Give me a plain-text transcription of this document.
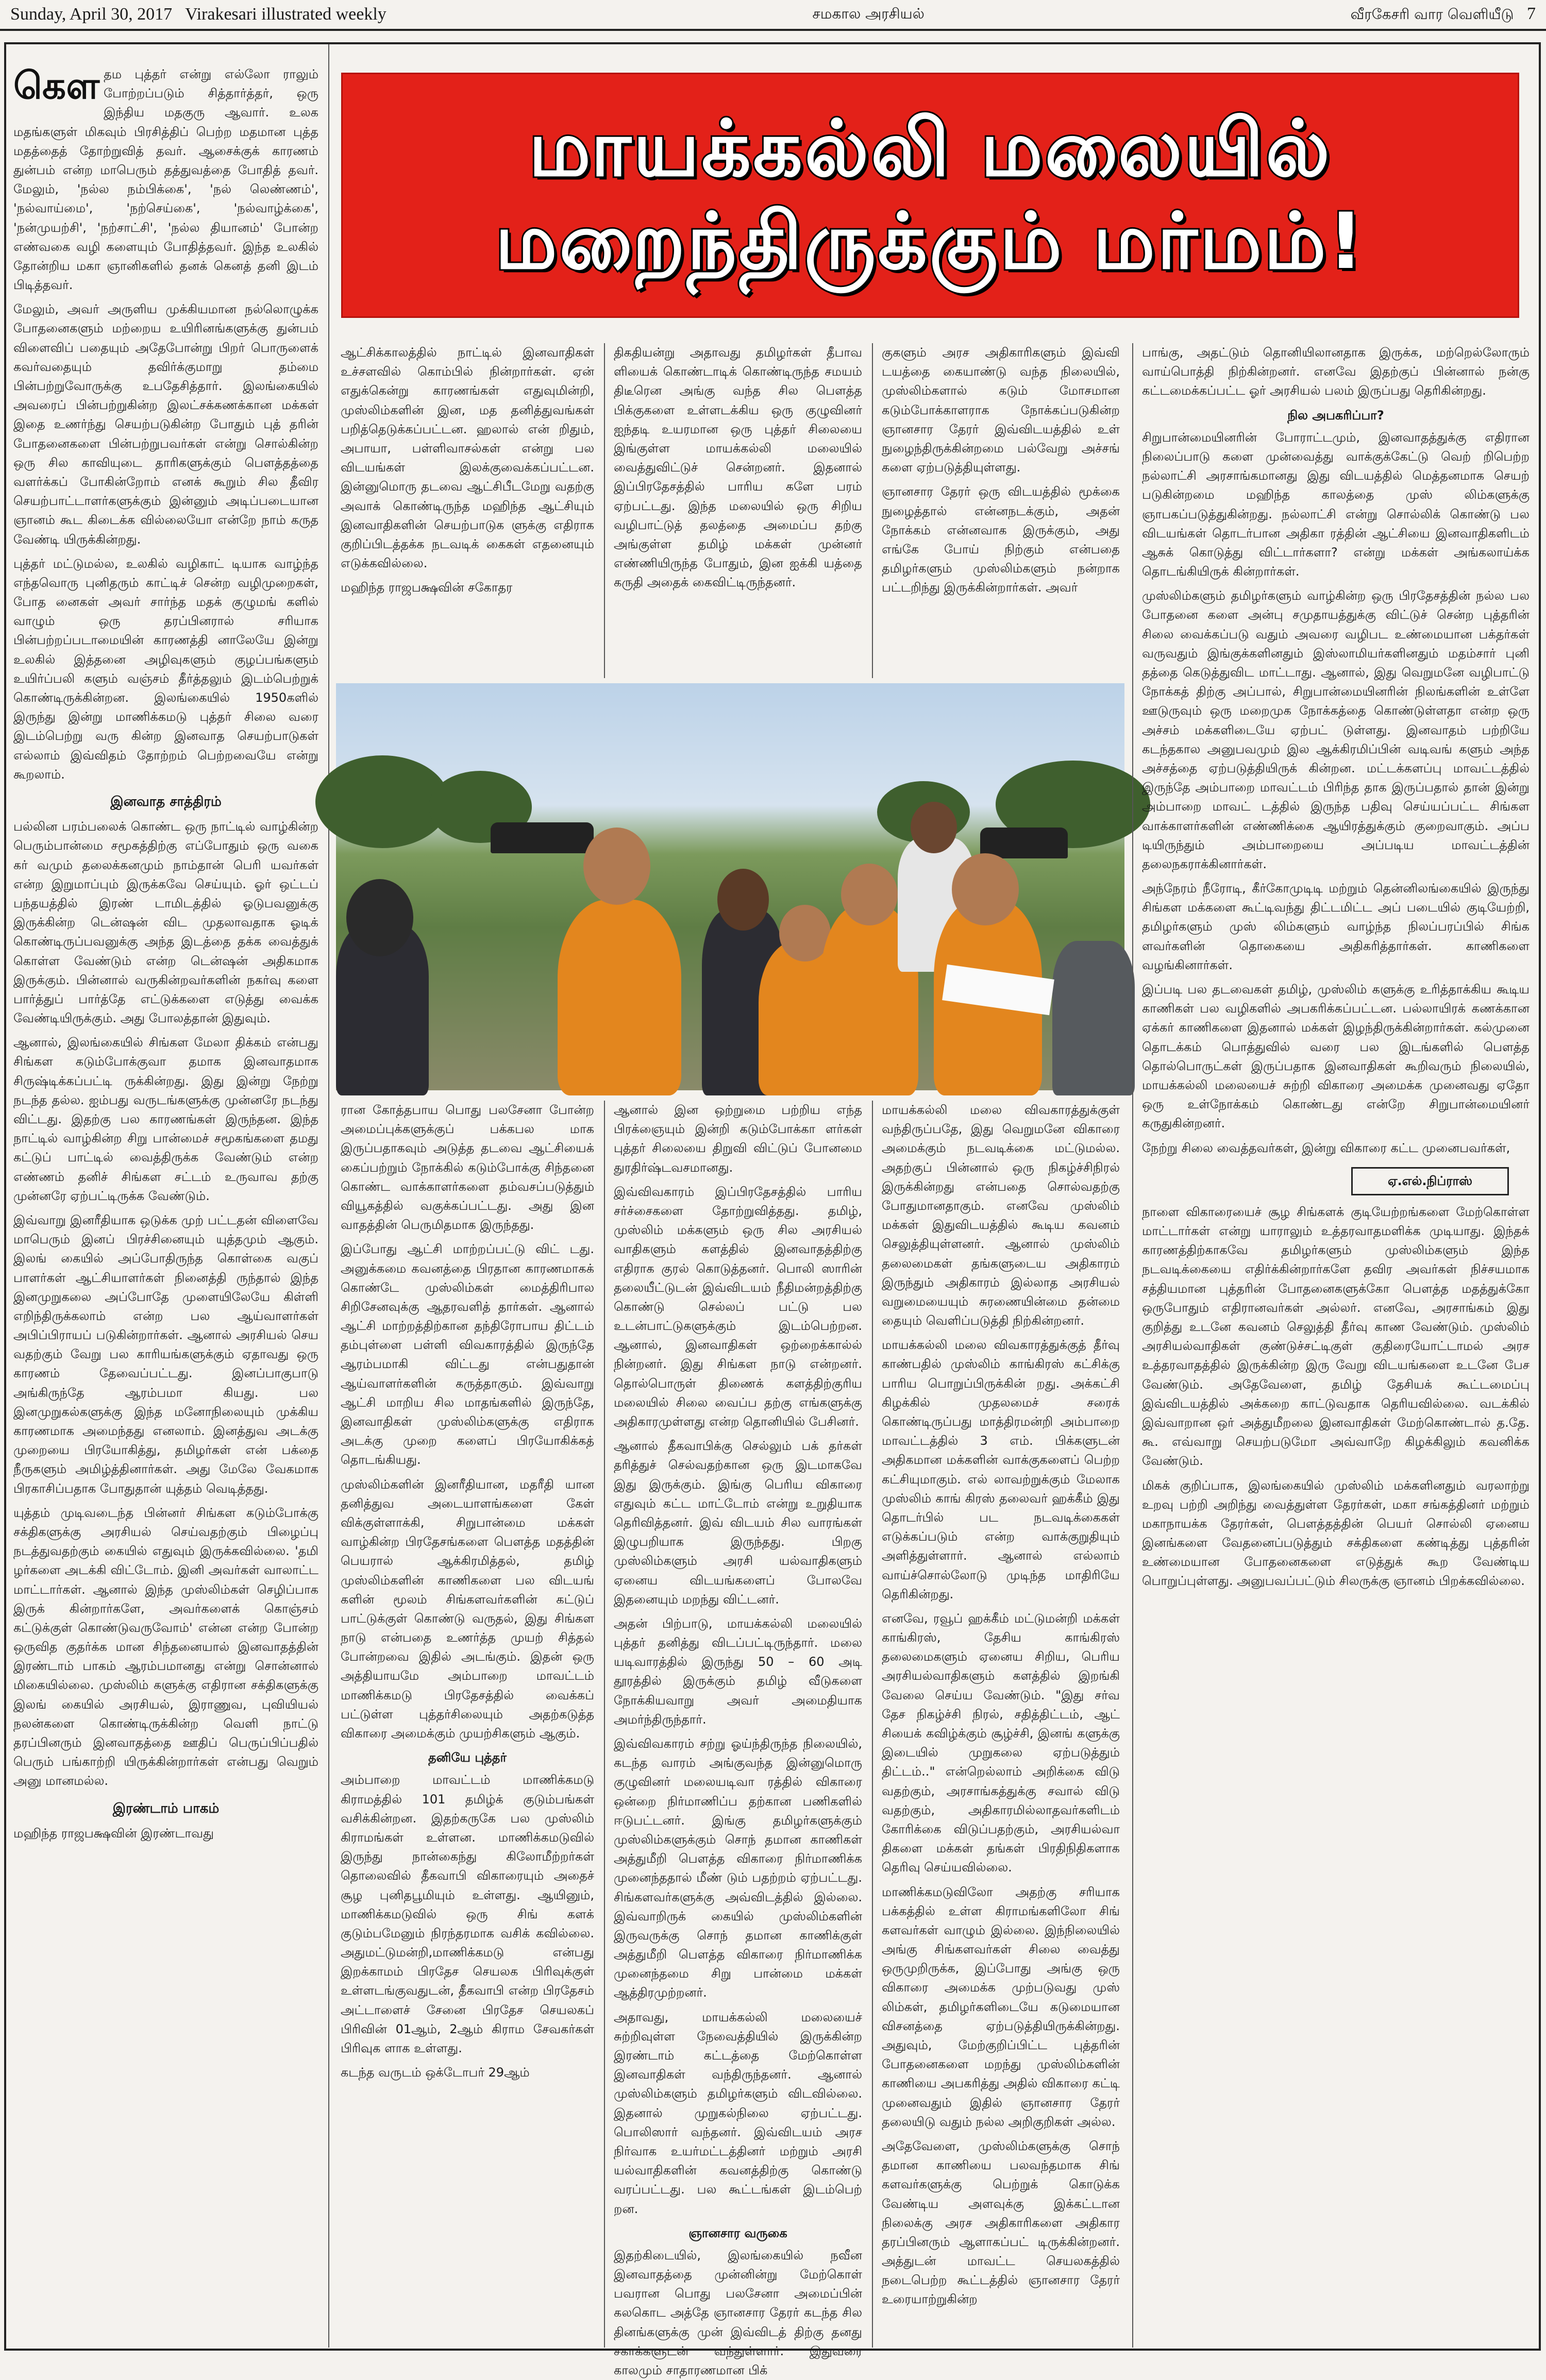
Sunday, April 30, 2017 Virakesari illustrated weekly	சமகால அரசியல்	வீரகேசரி வார வெளியீடு 7

கௌதம புத்தர் என்று எல்லோ ராலும் போற்றப்படும் சித்தார்த்தர், ஒரு இந்திய மதகுரு ஆவார். உலக மதங்களுள் மிகவும் பிரசித்திப் பெற்ற மதமான புத்த மதத்தைத் தோற்றுவித் தவர். ஆசைக்குக் காரணம் துன்பம் என்ற மாபெரும் தத்துவத்தை போதித் தவர். மேலும், 'நல்ல நம்பிக்கை', 'நல் லெண்ணம்', 'நல்வாய்மை', 'நற்செய்கை', 'நல்வாழ்க்கை', 'நன்முயற்சி', 'நற்சாட்சி', 'நல்ல தியானம்' போன்ற எண்வகை வழி களையும் போதித்தவர். இந்த உலகில் தோன்றிய மகா ஞானிகளில் தனக் கெனத் தனி இடம் பிடித்தவர்.

மேலும், அவர் அருளிய முக்கியமான நல்லொழுக்க போதனைகளும் மற்றைய உயிரினங்களுக்கு துன்பம் விளைவிப் பதையும் அதேபோன்று பிறர் பொருளைக் கவர்வதையும் தவிர்க்குமாறு தம்மை பின்பற்றுவோருக்கு உபதேசித்தார். இலங்கையில் அவரைப் பின்பற்றுகின்ற இலட்சக்கணக்கான மக்கள் இதை உணர்ந்து செயற்படுகின்ற போதும் புத் தரின் போதனைகளை பின்பற்றுபவர்கள் என்று சொல்கின்ற ஒரு சில காவியுடை தாரிகளுக்கும் பௌத்தத்தை வளர்க்கப் போகின்றோம் எனக் கூறும் சில தீவிர செயற்பாட்டாளர்களுக்கும் இன்னும் அடிப்படையான ஞானம் கூட கிடைக்க வில்லையோ என்றே நாம் கருத வேண்டி யிருக்கின்றது.

புத்தர் மட்டுமல்ல, உலகில் வழிகாட் டியாக வாழ்ந்த எந்தவொரு புனிதரும் காட்டிச் சென்ற வழிமுறைகள், போத னைகள் அவர் சார்ந்த மதக் குழுமங் களில் வாழும் ஒரு தரப்பினரால் சரியாக பின்பற்றப்படாமையின் காரணத்தி னாலேயே இன்று உலகில் இத்தனை அழிவுகளும் குழப்பங்களும் உயிர்ப்பலி களும் வஞ்சம் தீர்த்தலும் இடம்பெற்றுக் கொண்டிருக்கின்றன. இலங்கையில் 1950களில் இருந்து இன்று மாணிக்கமடு புத்தர் சிலை வரை இடம்பெற்று வரு கின்ற இனவாத செயற்பாடுகள் எல்லாம் இவ்விதம் தோற்றம் பெற்றவையே என்று கூறலாம்.

இனவாத சாத்திரம்

பல்லின பரம்பலைக் கொண்ட ஒரு நாட்டில் வாழ்கின்ற பெரும்பான்மை சமூகத்திற்கு எப்போதும் ஒரு வகை கர் வமும் தலைக்கனமும் நாம்தான் பெரி யவர்கள் என்ற இறுமாப்பும் இருக்கவே செய்யும். ஓர் ஒட்டப் பந்தயத்தில் இரண் டாமிடத்தில் ஓடுபவனுக்கு இருக்கின்ற டென்ஷன் விட முதலாவதாக ஓடிக் கொண்டிருப்பவனுக்கு அந்த இடத்தை தக்க வைத்துக் கொள்ள வேண்டும் என்ற டென்ஷன் அதிகமாக இருக்கும். பின்னால் வருகின்றவர்களின் நகர்வு களை பார்த்துப் பார்த்தே எட்டுக்களை எடுத்து வைக்க வேண்டியிருக்கும். அது போலத்தான் இதுவும்.

ஆனால், இலங்கையில் சிங்கள மேலா திக்கம் என்பது சிங்கள கடும்போக்குவா தமாக இனவாதமாக சிருஷ்டிக்கப்பட்டி ருக்கின்றது. இது இன்று நேற்று நடந்த தல்ல. ஐம்பது வருடங்களுக்கு முன்னரே நடந்து விட்டது. இதற்கு பல காரணங்கள் இருந்தன. இந்த நாட்டில் வாழ்கின்ற சிறு பான்மைச் சமூகங்களை தமது கட்டுப் பாட்டில் வைத்திருக்க வேண்டும் என்ற எண்ணம் தனிச் சிங்கள சட்டம் உருவாவ தற்கு முன்னரே ஏற்பட்டிருக்க வேண்டும்.

இவ்வாறு இனரீதியாக ஒடுக்க முற் பட்டதன் விளைவே மாபெரும் இனப் பிரச்சினையும் யுத்தமும் ஆகும். இலங் கையில் அப்போதிருந்த கொள்கை வகுப் பாளர்கள் ஆட்சியாளர்கள் நினைத்தி ருந்தால் இந்த இனமுறுகலை அப்போதே முளையிலேயே கிள்ளி எறிந்திருக்கலாம் என்ற பல ஆய்வாளர்கள் அபிப்பிராயப் படுகின்றார்கள். ஆனால் அரசியல் செய வதற்கும் வேறு பல காரியங்களுக்கும் ஏதாவது ஒரு காரணம் தேவைப்பட்டது. இனப்பாகுபாடு அங்கிருந்தே ஆரம்பமா கியது. பல இனமுறுகல்களுக்கு இந்த மனோநிலையும் முக்கிய காரணமாக அமைந்தது எனலாம். இனத்துவ அடக்கு முறையை பிரயோகித்து, தமிழர்கள் என் பக்தை நீருகளும் அமிழ்த்தினார்கள். அது மேலே வேகமாக பிரகாசிப்பதாக போதுதான் யுத்தம் வெடித்தது.

யுத்தம் முடிவடைந்த பின்னர் சிங்கள கடும்போக்கு சக்திகளுக்கு அரசியல் செய்வதற்கும் பிழைப்பு நடத்துவதற்கும் கையில் எதுவும் இருக்கவில்லை. 'தமி ழர்களை அடக்கி விட்டோம். இனி அவர்கள் வாலாட்ட மாட்டார்கள். ஆனால் இந்த முஸ்லிம்கள் செழிப்பாக இருக் கின்றார்களே, அவர்களைக் கொஞ்சம் கட்டுக்குள் கொண்டுவருவோம்' என்ன என்ற போன்ற ஒருவித குதர்க்க மான சிந்தனையால் இனவாதத்தின் இரண்டாம் பாகம் ஆரம்பமானது என்று சொன்னால் மிகையில்லை. முஸ்லிம் களுக்கு எதிரான சக்திகளுக்கு இலங் கையில் அரசியல், இராணுவ, புவியியல் நலன்களை கொண்டிருக்கின்ற வெளி நாட்டு தரப்பினரும் இனவாதத்தை ஊதிப் பெருப்பிப்பதில் பெரும் பங்காற்றி யிருக்கின்றார்கள் என்பது வெறும் அனு மானமல்ல.

இரண்டாம் பாகம்

மஹிந்த ராஜபக்ஷவின் இரண்டாவது

மாயக்கல்லி மலையில்
மறைந்திருக்கும் மர்மம்!

ஆட்சிக்காலத்தில் நாட்டில் இனவாதிகள் உச்சளவில் கொம்பில் நின்றார்கள். ஏன் எதுக்கென்று காரணங்கள் எதுவுமின்றி, முஸ்லிம்களின் இன, மத தனித்துவங்கள் பறித்தெடுக்கப்பட்டன. ஹலால் என் றிதும், அபாயா, பள்ளிவாசல்கள் என்று பல விடயங்கள் இலக்குவைக்கப்பட்டன. இன்னுமொரு தடவை ஆட்சிபீடமேறு வதற்கு அவாக் கொண்டிருந்த மஹிந்த ஆட்சியும் இனவாதிகளின் செயற்பாடுக ளுக்கு எதிராக குறிப்பிடத்தக்க நடவடிக் கைகள் எதனையும் எடுக்கவில்லை.

மஹிந்த ராஜபக்ஷவின் சகோதர

திகதியன்று அதாவது தமிழர்கள் தீபாவ ளியைக் கொண்டாடிக் கொண்டிருந்த சமயம் திடீரென அங்கு வந்த சில பௌத்த பிக்குகளை உள்ளடக்கிய ஒரு குழுவினர் ஐந்தடி உயரமான ஒரு புத்தர் சிலையை இங்குள்ள மாயக்கல்லி மலையில் வைத்துவிட்டுச் சென்றனர். இதனால் இப்பிரதேசத்தில் பாரிய களே பரம் ஏற்பட்டது. இந்த மலையில் ஒரு சிறிய வழிபாட்டுத் தலத்தை அமைப்ப தற்கு அங்குள்ள தமிழ் மக்கள் முன்னர் எண்ணியிருந்த போதும், இன ஐக்கி யத்தை கருதி அதைக் கைவிட்டிருந்தனர்.

குகளும் அரச அதிகாரிகளும் இவ்வி டயத்தை கையாண்டு வந்த நிலையில், முஸ்லிம்களால் கடும் மோசமான கடும்போக்காளராக நோக்கப்படுகின்ற ஞானசார தேரர் இவ்விடயத்தில் உள் நுழைந்திருக்கின்றமை பல்வேறு அச்சங் களை ஏற்படுத்தியுள்ளது.

ஞானசார தேரர் ஒரு விடயத்தில் மூக்கை நுழைத்தால் என்னநடக்கும், அதன் நோக்கம் என்னவாக இருக்கும், அது எங்கே போய் நிற்கும் என்பதை தமிழர்களும் முஸ்லிம்களும் நன்றாக பட்டறிந்து இருக்கின்றார்கள். அவர்

ரான கோத்தபாய பொது பலசேனா போன்ற அமைப்புக்களுக்குப் பக்கபல மாக இருப்பதாகவும் அடுத்த தடவை ஆட்சியைக் கைப்பற்றும் நோக்கில் கடும்போக்கு சிந்தனை கொண்ட வாக்காளர்களை தம்வசப்படுத்தும் வியூகத்தில் வகுக்கப்பட்டது. அது இன வாதத்தின் பெருமிதமாக இருந்தது.

இப்போது ஆட்சி மாற்றப்பட்டு விட் டது. அனுக்கமை கவனத்தை பிரதான காரணமாகக் கொண்டே முஸ்லிம்கள் மைத்திரிபால சிறிசேனவுக்கு ஆதரவளித் தார்கள். ஆனால் ஆட்சி மாற்றத்திற்கான தந்திரோபாய திட்டம் தம்புள்ளை பள்ளி விவகாரத்தில் இருந்தே ஆரம்பமாகி விட்டது என்பதுதான் ஆய்வாளர்களின் கருத்தாகும். இவ்வாறு ஆட்சி மாறிய சில மாதங்களில் இருந்தே, இனவாதிகள் முஸ்லிம்களுக்கு எதிராக அடக்கு முறை களைப் பிரயோகிக்கத் தொடங்கியது.

முஸ்லிம்களின் இனரீதியான, மதரீதி யான தனித்துவ அடையாளங்களை கேள் விக்குள்ளாக்கி, சிறுபான்மை மக்கள் வாழ்கின்ற பிரதேசங்களை பௌத்த மதத்தின் பெயரால் ஆக்கிரமித்தல், தமிழ் முஸ்லிம்களின் காணிகளை பல விடயங் களின் மூலம் சிங்களவர்களின் கட்டுப் பாட்டுக்குள் கொண்டு வருதல், இது சிங்கள நாடு என்பதை உணர்த்த முயற் சித்தல் போன்றவை இதில் அடங்கும். இதன் ஒரு அத்தியாயமே அம்பாறை மாவட்டம் மாணிக்கமடு பிரதேசத்தில் வைக்கப் பட்டுள்ள புத்தர்சிலையும் அதற்கடுத்த விகாரை அமைக்கும் முயற்சிகளும் ஆகும்.

தனியே புத்தர்

அம்பாறை மாவட்டம் மாணிக்கமடு கிராமத்தில் 101 தமிழ்க் குடும்பங்கள் வசிக்கின்றன. இதற்கருகே பல முஸ்லிம் கிராமங்கள் உள்ளன. மாணிக்கமடுவில் இருந்து நான்கைந்து கிலோமீற்றர்கள் தொலைவில் தீகவாபி விகாரையும் அதைச் சூழ புனிதபூமியும் உள்ளது. ஆயினும், மாணிக்கமடுவில் ஒரு சிங் களக் குடும்பமேனும் நிரந்தரமாக வசிக் கவில்லை. அதுமட்டுமன்றி,மாணிக்கமடு என்பது இறக்காமம் பிரதேச செயலக பிரிவுக்குள் உள்ளடங்குவதுடன், தீகவாபி என்ற பிரதேசம் அட்டாளைச் சேனை பிரதேச செயலகப் பிரிவின் 01ஆம், 2ஆம் கிராம சேவகர்கள் பிரிவுக ளாக உள்ளது.

கடந்த வருடம் ஒக்டோபர் 29ஆம்

ஆனால் இன ஒற்றுமை பற்றிய எந்த பிரக்ஞையும் இன்றி கடும்போக்கா ளர்கள் புத்தர் சிலையை திறுவி விட்டுப் போனமை துரதிர்ஷ்டவசமானது.

இவ்விவகாரம் இப்பிரதேசத்தில் பாரிய சர்ச்சைகளை தோற்றுவித்தது. தமிழ், முஸ்லிம் மக்களும் ஒரு சில அரசியல் வாதிகளும் களத்தில் இனவாதத்திற்கு எதிராக குரல் கொடுத்தனர். பொலி ஸாரின் தலையீட்டுடன் இவ்விடயம் நீதிமன்றத்திற்கு கொண்டு செல்லப் பட்டு பல உடன்பாட்டுகளுக்கும் இடம்பெற்றன. ஆனால், இனவாதிகள் ஒற்றைக்கால்ல் நின்றனர். இது சிங்கள நாடு என்றனர். தொல்பொருள் திணைக் களத்திற்குரிய மலையில் சிலை வைப்ப தற்கு எங்களுக்கு அதிகாரமுள்ளது என்ற தொனியில் பேசினர்.

ஆனால் தீகவாபிக்கு செல்லும் பக் தர்கள் தரித்துச் செல்வதற்கான ஒரு இடமாகவே இது இருக்கும். இங்கு பெரிய விகாரை எதுவும் கட்ட மாட்டோம் என்று உறுதியாக தெரிவித்தனர். இவ் விடயம் சில வாரங்கள் இழுபறியாக இருந்தது. பிறகு முஸ்லிம்களும் அரசி யல்வாதிகளும் ஏனைய விடயங்களைப் போலவே இதனையும் மறந்து விட்டனர்.

அதன் பிற்பாடு, மாயக்கல்லி மலையில் புத்தர் தனித்து விடப்பட்டிருந்தார். மலை யடிவாரத்தில் இருந்து 50 – 60 அடி தூரத்தில் இருக்கும் தமிழ் வீடுகளை நோக்கியவாறு அவர் அமைதியாக அமர்ந்திருந்தார்.

இவ்விவகாரம் சற்று ஓய்ந்திருந்த நிலையில், கடந்த வாரம் அங்குவந்த இன்னுமொரு குழுவினர் மலையடிவா ரத்தில் விகாரை ஒன்றை நிர்மாணிப்ப தற்கான பணிகளில் ஈடுபட்டனர். இங்கு தமிழர்களுக்கும் முஸ்லிம்களுக்கும் சொந் தமான காணிகள் அத்துமீறி பௌத்த விகாரை நிர்மாணிக்க முனைந்ததால் மீண் டும் பதற்றம் ஏற்பட்டது. சிங்களவர்களுக்கு அவ்விடத்தில் இல்லை. இவ்வாறிருக் கையில் முஸ்லிம்களின் இருவருக்கு சொந் தமான காணிக்குள் அத்துமீறி பௌத்த விகாரை நிர்மாணிக்க முனைந்தமை சிறு பான்மை மக்கள் ஆத்திரமுற்றனர்.

அதாவது, மாயக்கல்லி மலையைச் சுற்றிவுள்ள நேவைத்தியில் இருக்கின்ற இரண்டாம் கட்டத்தை மேற்கொள்ள இனவாதிகள் வந்திருந்தனர். ஆனால் முஸ்லிம்களும் தமிழர்களும் விடவில்லை. இதனால் முறுகல்நிலை ஏற்பட்டது. பொலிஸார் வந்தனர். இவ்விடயம் அரச நிர்வாக உயர்மட்டத்தினர் மற்றும் அரசி யல்வாதிகளின் கவனத்திற்கு கொண்டு வரப்பட்டது. பல கூட்டங்கள் இடம்பெற் றன.

ஞானசார வருகை

இதற்கிடையில், இலங்கையில் நவீன இனவாதத்தை முன்னின்று மேற்கொள் பவரான பொது பலசேனா அமைப்பின் கலகொட அத்தே ஞானசார தேரர் கடந்த சில தினங்களுக்கு முன் இவ்விடத் திற்கு தனது சகாக்களுடன் வந்துள்ளார். இதுவரை காலமும் சாதாரணமான பிக்

மாயக்கல்லி மலை விவகாரத்துக்குள் வந்திருப்பதே, இது வெறுமனே விகாரை அமைக்கும் நடவடிக்கை மட்டுமல்ல. அதற்குப் பின்னால் ஒரு நிகழ்ச்சிநிரல் இருக்கின்றது என்பதை சொல்வதற்கு போதுமானதாகும். எனவே முஸ்லிம் மக்கள் இதுவிடயத்தில் கூடிய கவனம் செலுத்தியுள்ளனர். ஆனால் முஸ்லிம் தலைமைகள் தங்களுடைய அதிகாரம் இருந்தும் அதிகாரம் இல்லாத அரசியல் வறுமையையும் சுரணையின்மை தன்மை தையும் வெளிப்படுத்தி நிற்கின்றனர்.

மாயக்கல்லி மலை விவகாரத்துக்குத் தீர்வு காண்பதில் முஸ்லிம் காங்கிரஸ் கட்சிக்கு பாரிய பொறுப்பிருக்கின் றது. அக்கட்சி கிழக்கில் முதலமைச் சரைக் கொண்டிருப்பது மாத்திரமன்றி அம்பாறை மாவட்டத்தில் 3 எம். பிக்களுடன் அதிகமான மக்களின் வாக்குகளைப் பெற்ற கட்சியுமாகும். எல் லாவற்றுக்கும் மேலாக முஸ்லிம் காங் கிரஸ் தலைவர் ஹக்கீம் இது தொடர்பில் பட நடவடிக்கைகள் எடுக்கப்படும் என்ற வாக்குறுதியும் அளித்துள்ளார். ஆனால் எல்லாம் வாய்ச்சொல்லோடு முடிந்த மாதிரியே தெரிகின்றது.

எனவே, ரவூப் ஹக்கீம் மட்டுமன்றி மக்கள் காங்கிரஸ், தேசிய காங்கிரஸ் தலைமைகளும் ஏனைய சிறிய, பெரிய அரசியல்வாதிகளும் களத்தில் இறங்கி வேலை செய்ய வேண்டும். "இது சர்வ தேச நிகழ்ச்சி நிரல், சதித்திட்டம், ஆட் சியைக் கவிழ்க்கும் சூழ்ச்சி, இனங் களுக்கு இடையில் முறுகலை ஏற்படுத்தும் திட்டம்.." என்றெல்லாம் அறிக்கை விடு வதற்கும், அரசாங்கத்துக்கு சவால் விடு வதற்கும், அதிகாரமில்லாதவர்களிடம் கோரிக்கை விடுப்பதற்கும், அரசியல்வா திகளை மக்கள் தங்கள் பிரதிநிதிகளாக தெரிவு செய்யவில்லை.

மாணிக்கமடுவிலோ அதற்கு சரியாக பக்கத்தில் உள்ள கிராமங்களிலோ சிங் களவர்கள் வாழும் இல்லை. இந்நிலையில் அங்கு சிங்களவர்கள் சிலை வைத்து ஒருமுறிருக்க, இப்போது அங்கு ஒரு விகாரை அமைக்க முற்படுவது முஸ் லிம்கள், தமிழர்களிடையே கடுமையான விசனத்தை ஏற்படுத்தியிருக்கின்றது. அதுவும், மேற்குறிப்பிட்ட புத்தரின் போதனைகளை மறந்து முஸ்லிம்களின் காணியை அபகரித்து அதில் விகாரை கட்டி முனைவதும் இதில் ஞானசார தேரர் தலையிடு வதும் நல்ல அறிகுறிகள் அல்ல.

அதேவேளை, முஸ்லிம்களுக்கு சொந் தமான காணியை பலவந்தமாக சிங் களவர்களுக்கு பெற்றுக் கொடுக்க வேண்டிய அளவுக்கு இக்கட்டான நிலைக்கு அரச அதிகாரிகளை அதிகார தரப்பினரும் ஆளாகப்பட் டிருக்கின்றனர். அத்துடன் மாவட்ட செயலகத்தில் நடைபெற்ற கூட்டத்தில் ஞானசார தேரர் உரையாற்றுகின்ற

பாங்கு, அதட்டும் தொனியிலானதாக இருக்க, மற்றெல்லோரும் வாய்பொத்தி நிற்கின்றனர். எனவே இதற்குப் பின்னால் நன்கு கட்டமைக்கப்பட்ட ஓர் அரசியல் பலம் இருப்பது தெரிகின்றது.

நில அபகரிப்பா?

சிறுபான்மையினரின் போராட்டமும், இனவாதத்துக்கு எதிரான நிலைப்பாடு களை முன்வைத்து வாக்குக்கேட்டு வெற் றிபெற்ற நல்லாட்சி அரசாங்கமானது இது விடயத்தில் மெத்தனமாக செயற் படுகின்றமை மஹிந்த காலத்தை முஸ் லிம்களுக்கு ஞாபகப்படுத்துகின்றது. நல்லாட்சி என்று சொல்லிக் கொண்டு பல விடயங்கள் தொடர்பான அதிகா ரத்தின் ஆட்சியை இனவாதிகளிடம் ஆசுக் கொடுத்து விட்டார்களா? என்று மக்கள் அங்கலாய்க்க தொடங்கியிருக் கின்றார்கள்.

முஸ்லிம்களும் தமிழர்களும் வாழ்கின்ற ஒரு பிரதேசத்தின் நல்ல பல போதனை களை அன்பு சமுதாயத்துக்கு விட்டுச் சென்ற புத்தரின் சிலை வைக்கப்படு வதும் அவரை வழிபட உண்மையான பக்தர்கள் வருவதும் இங்குக்களினதும் இஸ்லாமியர்களினதும் மதம்சார் புனி தத்தை கெடுத்துவிட மாட்டாது. ஆனால், இது வெறுமனே வழிபாட்டு நோக்கத் திற்கு அப்பால், சிறுபான்மையினரின் நிலங்களின் உள்ளே ஊடுருவும் ஒரு மறைமுக நோக்கத்தை கொண்டுள்ளதா என்ற ஒரு அச்சம் மக்களிடையே ஏற்பட் டுள்ளது. இனவாதம் பற்றியே கடந்தகால அனுபவமும் இல ஆக்கிரமிப்பின் வடிவங் களும் அந்த அச்சத்தை ஏற்படுத்தியிருக் கின்றன. மட்டக்களப்பு மாவட்டத்தில் இருந்தே அம்பாறை மாவட்டம் பிரிந்த தாக இருப்பதால் தான் இன்று அம்பாறை மாவட் டத்தில் இருந்த பதிவு செய்யப்பட்ட சிங்கள வாக்காளர்களின் எண்ணிக்கை ஆயிரத்துக்கும் குறைவாகும். அப்ப டியிருந்தும் அம்பாறையை அப்படிய மாவட்டத்தின் தலைநகராக்கினார்கள்.

அந்நேரம் நீரோடி, கீர்கோமுடிடி மற்றும் தென்னிலங்கையில் இருந்து சிங்கள மக்களை கூட்டிவந்து திட்டமிட்ட அப் படையில் குடியேற்றி, தமிழர்களும் முஸ் லிம்களும் வாழ்ந்த நிலப்பரப்பில் சிங்க ளவர்களின் தொகையை அதிகரித்தார்கள். காணிகளை வழங்கினார்கள்.

இப்படி பல தடவைகள் தமிழ், முஸ்லிம் களுக்கு உரித்தாக்கிய கூடிய காணிகள் பல வழிகளில் அபகரிக்கப்பட்டன. பல்லாயிரக் கணக்கான ஏக்கர் காணிகளை இதனால் மக்கள் இழந்திருக்கின்றார்கள். கல்முனை தொடக்கம் பொத்துவில் வரை பல இடங்களில் பௌத்த தொல்பொருட்கள் இருப்பதாக இனவாதிகள் கூறிவரும் நிலையில், மாயக்கல்லி மலையைச் சுற்றி விகாரை அமைக்க முனைவது ஏதோ ஒரு உள்நோக்கம் கொண்டது என்றே சிறுபான்மையினர் கருதுகின்றனர்.

நேற்று சிலை வைத்தவர்கள், இன்று விகாரை கட்ட முனைபவர்கள்,

ஏ.எல்.நிப்ராஸ்

நாளை விகாரையைச் சூழ சிங்களக் குடியேற்றங்களை மேற்கொள்ள மாட்டார்கள் என்று யாராலும் உத்தரவாதமளிக்க முடியாது. இந்தக் காரணத்திற்காகவே தமிழர்களும் முஸ்லிம்களும் இந்த நடவடிக்கையை எதிர்க்கின்றார்களே தவிர அவர்கள் நிச்சயமாக சத்தியமான புத்தரின் போதனைகளுக்கோ பௌத்த மதத்துக்கோ ஒருபோதும் எதிரானவர்கள் அல்லர். எனவே, அரசாங்கம் இது குறித்து உடனே கவனம் செலுத்தி தீர்வு காண வேண்டும். முஸ்லிம் அரசியல்வாதிகள் குண்டுச்சட்டிகுள் குதிரையோட்டாமல் அரச உத்தரவாதத்தில் இருக்கின்ற இரு வேறு விடயங்களை உடனே பேச வேண்டும். அதேவேளை, தமிழ் தேசியக் கூட்டமைப்பு இவ்விடயத்தில் அக்கறை காட்டுவதாக தெரியவில்லை. வடக்கில் இவ்வாறான ஒர் அத்துமீறலை இனவாதிகள் மேற்கொண்டால் த.தே. கூ. எவ்வாறு செயற்படுமோ அவ்வாறே கிழக்கிலும் கவனிக்க வேண்டும்.

மிகக் குறிப்பாக, இலங்கையில் முஸ்லிம் மக்களினதும் வரலாற்று உறவு பற்றி அறிந்து வைத்துள்ள தேரர்கள், மகா சங்கத்தினர் மற்றும் மகாநாயக்க தேரர்கள், பௌத்தத்தின் பெயர் சொல்லி ஏனைய இனங்களை வேதனைப்படுத்தும் சக்திகளை கண்டித்து புத்தரின் உண்மையான போதனைகளை எடுத்துக் கூற வேண்டிய பொறுப்புள்ளது. அனுபவப்பட்டும் சிலருக்கு ஞானம் பிறக்கவில்லை.
